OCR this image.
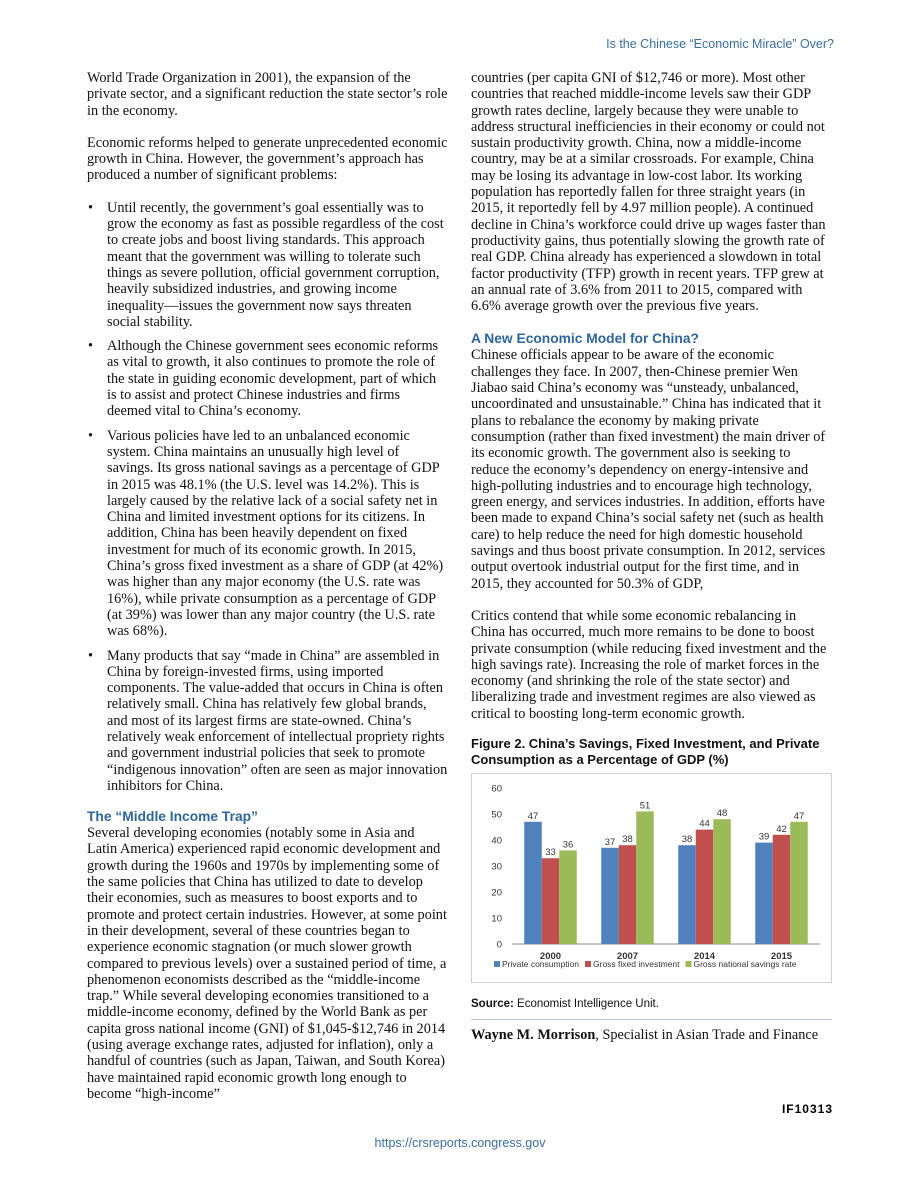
Is the Chinese “Economic Miracle” Over?

World Trade Organization in 2001), the expansion of the private sector, and a significant reduction the state sector’s role in the economy.

Economic reforms helped to generate unprecedented economic growth in China. However, the government’s approach has produced a number of significant problems:

• Until recently, the government’s goal essentially was to grow the economy as fast as possible regardless of the cost to create jobs and boost living standards. This approach meant that the government was willing to tolerate such things as severe pollution, official government corruption, heavily subsidized industries, and growing income inequality—issues the government now says threaten social stability.
• Although the Chinese government sees economic reforms as vital to growth, it also continues to promote the role of the state in guiding economic development, part of which is to assist and protect Chinese industries and firms deemed vital to China’s economy.
• Various policies have led to an unbalanced economic system. China maintains an unusually high level of savings. Its gross national savings as a percentage of GDP in 2015 was 48.1% (the U.S. level was 14.2%). This is largely caused by the relative lack of a social safety net in China and limited investment options for its citizens. In addition, China has been heavily dependent on fixed investment for much of its economic growth. In 2015, China’s gross fixed investment as a share of GDP (at 42%) was higher than any major economy (the U.S. rate was 16%), while private consumption as a percentage of GDP (at 39%) was lower than any major country (the U.S. rate was 68%).
• Many products that say “made in China” are assembled in China by foreign-invested firms, using imported components. The value-added that occurs in China is often relatively small. China has relatively few global brands, and most of its largest firms are state-owned. China’s relatively weak enforcement of intellectual propriety rights and government industrial policies that seek to promote “indigenous innovation” often are seen as major innovation inhibitors for China.
The “Middle Income Trap”

Several developing economies (notably some in Asia and Latin America) experienced rapid economic development and growth during the 1960s and 1970s by implementing some of the same policies that China has utilized to date to develop their economies, such as measures to boost exports and to promote and protect certain industries. However, at some point in their development, several of these countries began to experience economic stagnation (or much slower growth compared to previous levels) over a sustained period of time, a phenomenon economists described as the “middle-income trap.” While several developing economies transitioned to a middle-income economy, defined by the World Bank as per capita gross national income (GNI) of $1,045-$12,746 in 2014 (using average exchange rates, adjusted for inflation), only a handful of countries (such as Japan, Taiwan, and South Korea) have maintained rapid economic growth long enough to become “high-income”

countries (per capita GNI of $12,746 or more). Most other countries that reached middle-income levels saw their GDP growth rates decline, largely because they were unable to address structural inefficiencies in their economy or could not sustain productivity growth. China, now a middle-income country, may be at a similar crossroads. For example, China may be losing its advantage in low-cost labor. Its working population has reportedly fallen for three straight years (in 2015, it reportedly fell by 4.97 million people). A continued decline in China’s workforce could drive up wages faster than productivity gains, thus potentially slowing the growth rate of real GDP. China already has experienced a slowdown in total factor productivity (TFP) growth in recent years. TFP grew at an annual rate of 3.6% from 2011 to 2015, compared with 6.6% average growth over the previous five years.

A New Economic Model for China?

Chinese officials appear to be aware of the economic challenges they face. In 2007, then-Chinese premier Wen Jiabao said China’s economy was “unsteady, unbalanced, uncoordinated and unsustainable.” China has indicated that it plans to rebalance the economy by making private consumption (rather than fixed investment) the main driver of its economic growth. The government also is seeking to reduce the economy’s dependency on energy-intensive and high-polluting industries and to encourage high technology, green energy, and services industries. In addition, efforts have been made to expand China’s social safety net (such as health care) to help reduce the need for high domestic household savings and thus boost private consumption. In 2012, services output overtook industrial output for the first time, and in 2015, they accounted for 50.3% of GDP,

Critics contend that while some economic rebalancing in China has occurred, much more remains to be done to boost private consumption (while reducing fixed investment and the high savings rate). Increasing the role of market forces in the economy (and shrinking the role of the state sector) and liberalizing trade and investment regimes are also viewed as critical to boosting long-term economic growth.

Figure 2. China’s Savings, Fixed Investment, and Private Consumption as a Percentage of GDP (%)
0
10
20
30
40
50
60
47
33
36
2000
37 38
51
2007
38
44
48
2014
39
42
47
2015
Private consumption Gross fixed investment Gross national savings rate
Source: Economist Intelligence Unit.
Wayne M. Morrison, Specialist in Asian Trade and Finance
IF10313
https://crsreports.congress.gov
